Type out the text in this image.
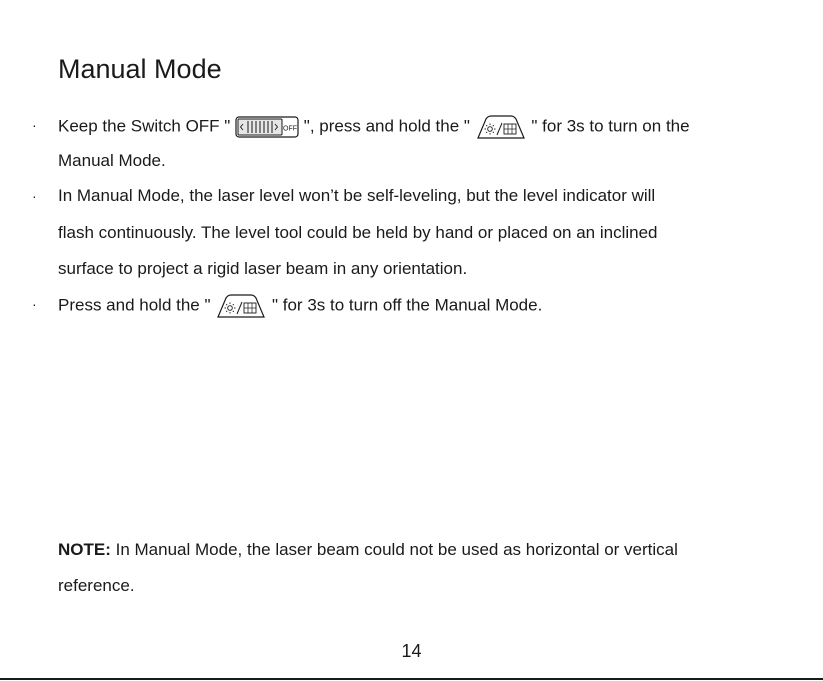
Manual Mode
· Keep the Switch OFF "	OFF ", press and hold the "	" for 3s to turn on the
Manual Mode.
· In Manual Mode, the laser level won’t be self-leveling, but the level indicator will
flash continuously. The level tool could be held by hand or placed on an inclined
surface to project a rigid laser beam in any orientation.
· Press and hold the "	" for 3s to turn off the Manual Mode.
NOTE: In Manual Mode, the laser beam could not be used as horizontal or vertical
reference.
14
